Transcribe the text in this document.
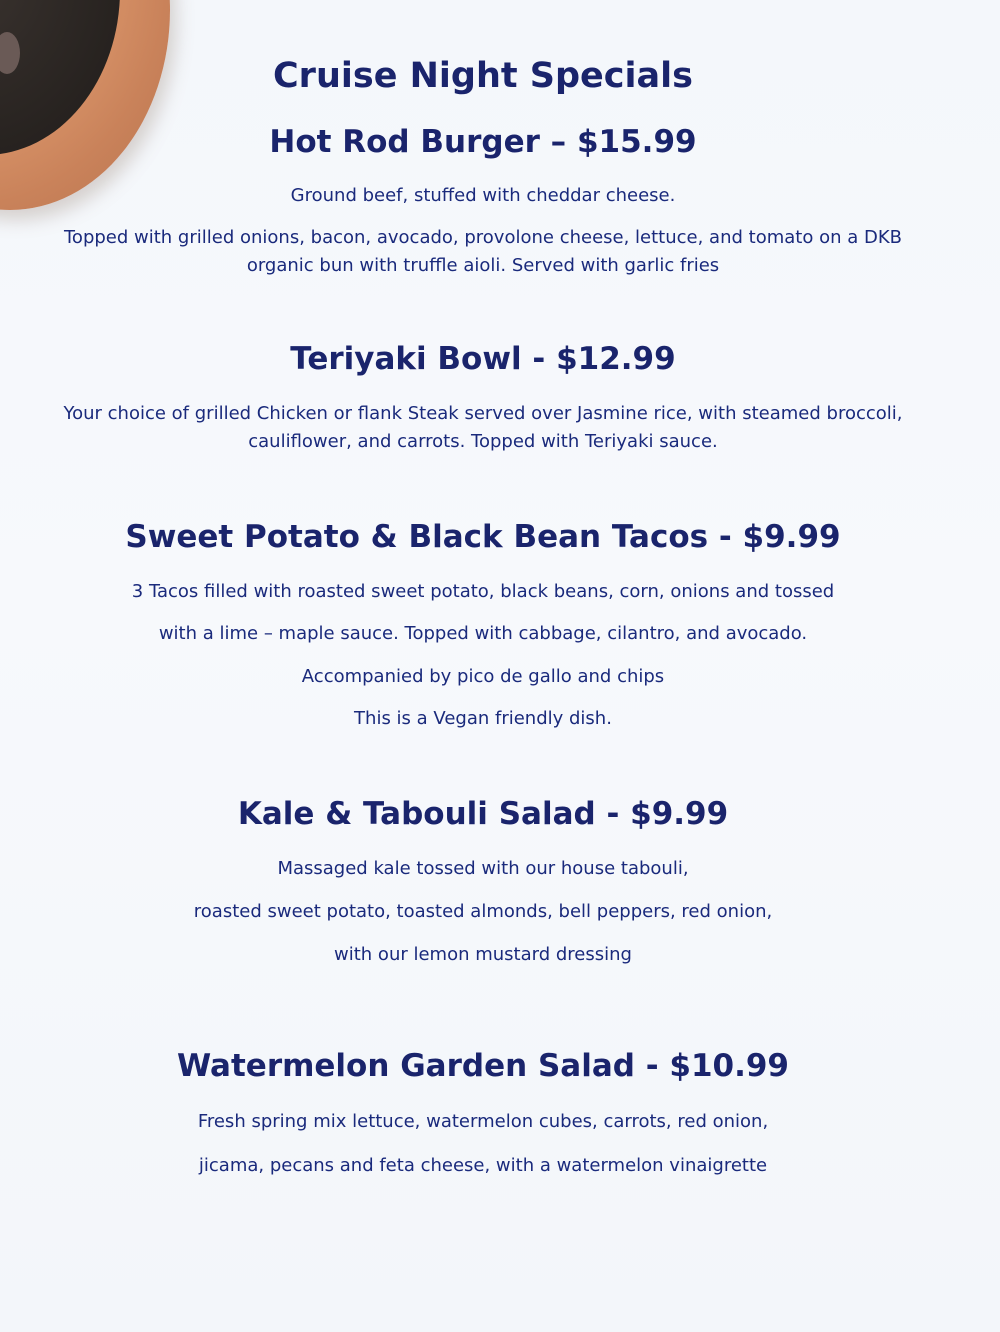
Cruise Night Specials
Hot Rod Burger – $15.99

Ground beef, stuffed with cheddar cheese.

Topped with grilled onions, bacon, avocado, provolone cheese, lettuce, and tomato on a DKB organic bun with truffle aioli. Served with garlic fries

Teriyaki Bowl - $12.99

Your choice of grilled Chicken or flank Steak served over Jasmine rice, with steamed broccoli, cauliflower, and carrots. Topped with Teriyaki sauce.

Sweet Potato & Black Bean Tacos - $9.99

3 Tacos filled with roasted sweet potato, black beans, corn, onions and tossed

with a lime – maple sauce. Topped with cabbage, cilantro, and avocado.

Accompanied by pico de gallo and chips

This is a Vegan friendly dish.

Kale & Tabouli Salad - $9.99

Massaged kale tossed with our house tabouli,

roasted sweet potato, toasted almonds, bell peppers, red onion,

with our lemon mustard dressing

Watermelon Garden Salad - $10.99

Fresh spring mix lettuce, watermelon cubes, carrots, red onion,

jicama, pecans and feta cheese, with a watermelon vinaigrette
